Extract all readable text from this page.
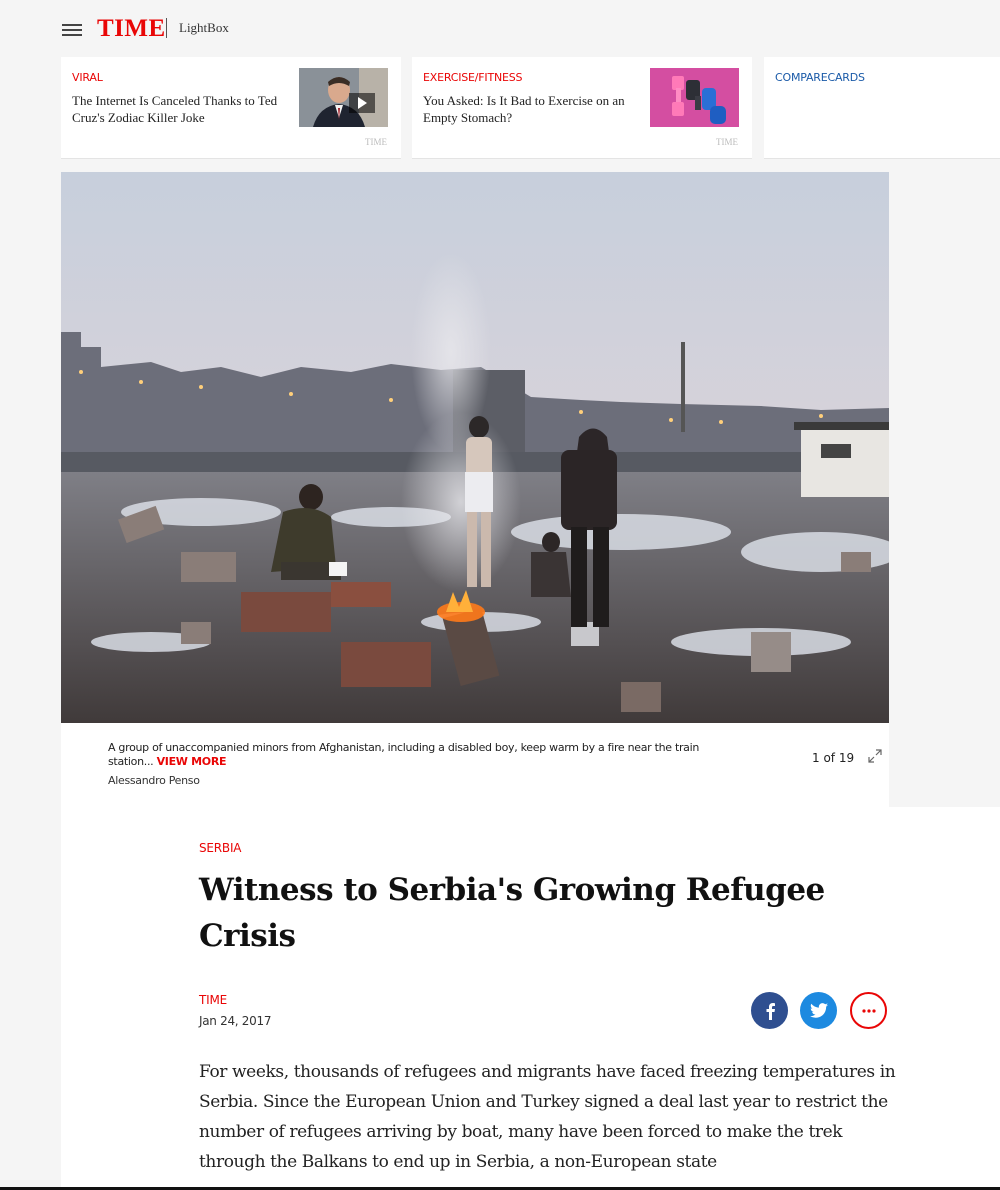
TIME LightBox
VIRAL
The Internet Is Canceled Thanks to Ted Cruz's Zodiac Killer Joke
TIME
EXERCISE/FITNESS
You Asked: Is It Bad to Exercise on an Empty Stomach?
TIME
COMPARECARDS
A group of unaccompanied minors from Afghanistan, including a disabled boy, keep warm by a fire near the train station... VIEW MORE
Alessandro Penso
1 of 19
SERBIA
Witness to Serbia's Growing Refugee Crisis
TIME
Jan 24, 2017

For weeks, thousands of refugees and migrants have faced freezing temperatures in Serbia. Since the European Union and Turkey signed a deal last year to restrict the number of refugees arriving by boat, many have been forced to make the trek through the Balkans to end up in Serbia, a non-European state
